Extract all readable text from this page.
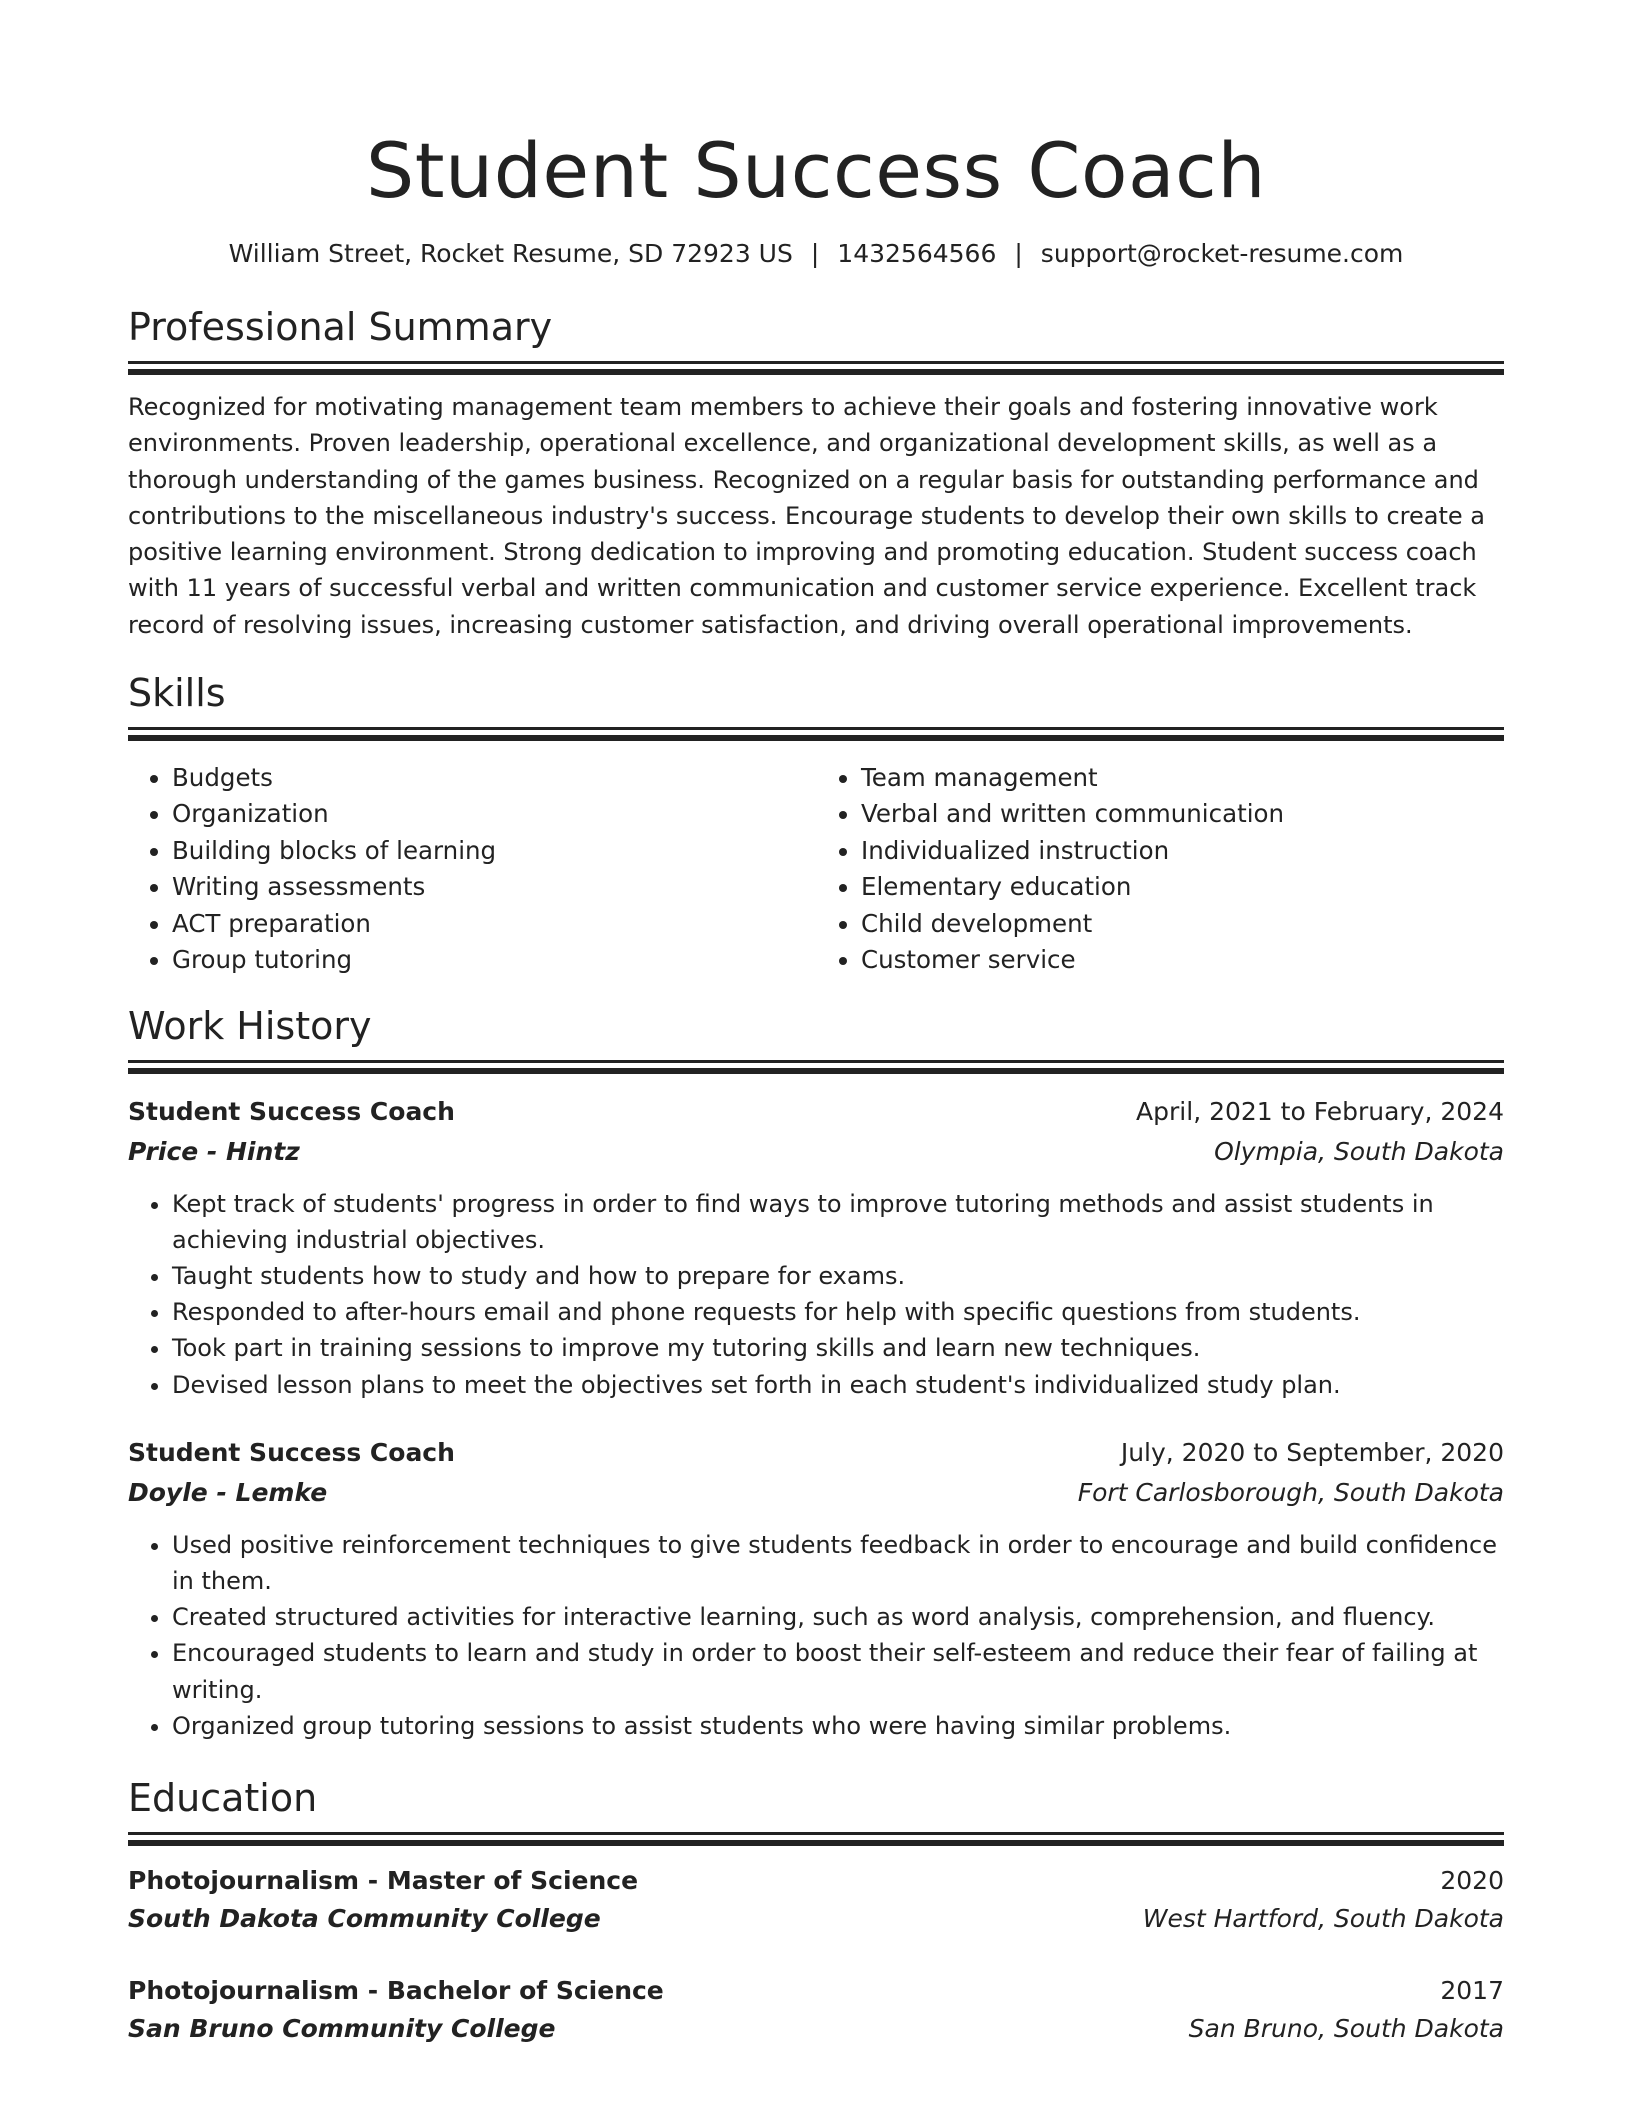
Student Success Coach
William Street, Rocket Resume, SD 72923 US | 1432564566 | support@rocket-resume.com
Professional Summary
Recognized for motivating management team members to achieve their goals and fostering innovative work environments. Proven leadership, operational excellence, and organizational development skills, as well as a thorough understanding of the games business. Recognized on a regular basis for outstanding performance and contributions to the miscellaneous industry's success. Encourage students to develop their own skills to create a positive learning environment. Strong dedication to improving and promoting education. Student success coach with 11 years of successful verbal and written communication and customer service experience. Excellent track record of resolving issues, increasing customer satisfaction, and driving overall operational improvements.
Skills
• Budgets
• Organization
• Building blocks of learning
• Writing assessments
• ACT preparation
• Group tutoring
• Team management
• Verbal and written communication
• Individualized instruction
• Elementary education
• Child development
• Customer service
Work History
Student Success Coach	April, 2021 to February, 2024
Price - Hintz	Olympia, South Dakota
• Kept track of students' progress in order to find ways to improve tutoring methods and assist students in achieving industrial objectives.
• Taught students how to study and how to prepare for exams.
• Responded to after-hours email and phone requests for help with specific questions from students.
• Took part in training sessions to improve my tutoring skills and learn new techniques.
• Devised lesson plans to meet the objectives set forth in each student's individualized study plan.
Student Success Coach	July, 2020 to September, 2020
Doyle - Lemke	Fort Carlosborough, South Dakota
• Used positive reinforcement techniques to give students feedback in order to encourage and build confidence in them.
• Created structured activities for interactive learning, such as word analysis, comprehension, and fluency.
• Encouraged students to learn and study in order to boost their self-esteem and reduce their fear of failing at writing.
• Organized group tutoring sessions to assist students who were having similar problems.
Education
Photojournalism - Master of Science	2020
South Dakota Community College	West Hartford, South Dakota
Photojournalism - Bachelor of Science	2017
San Bruno Community College	San Bruno, South Dakota
